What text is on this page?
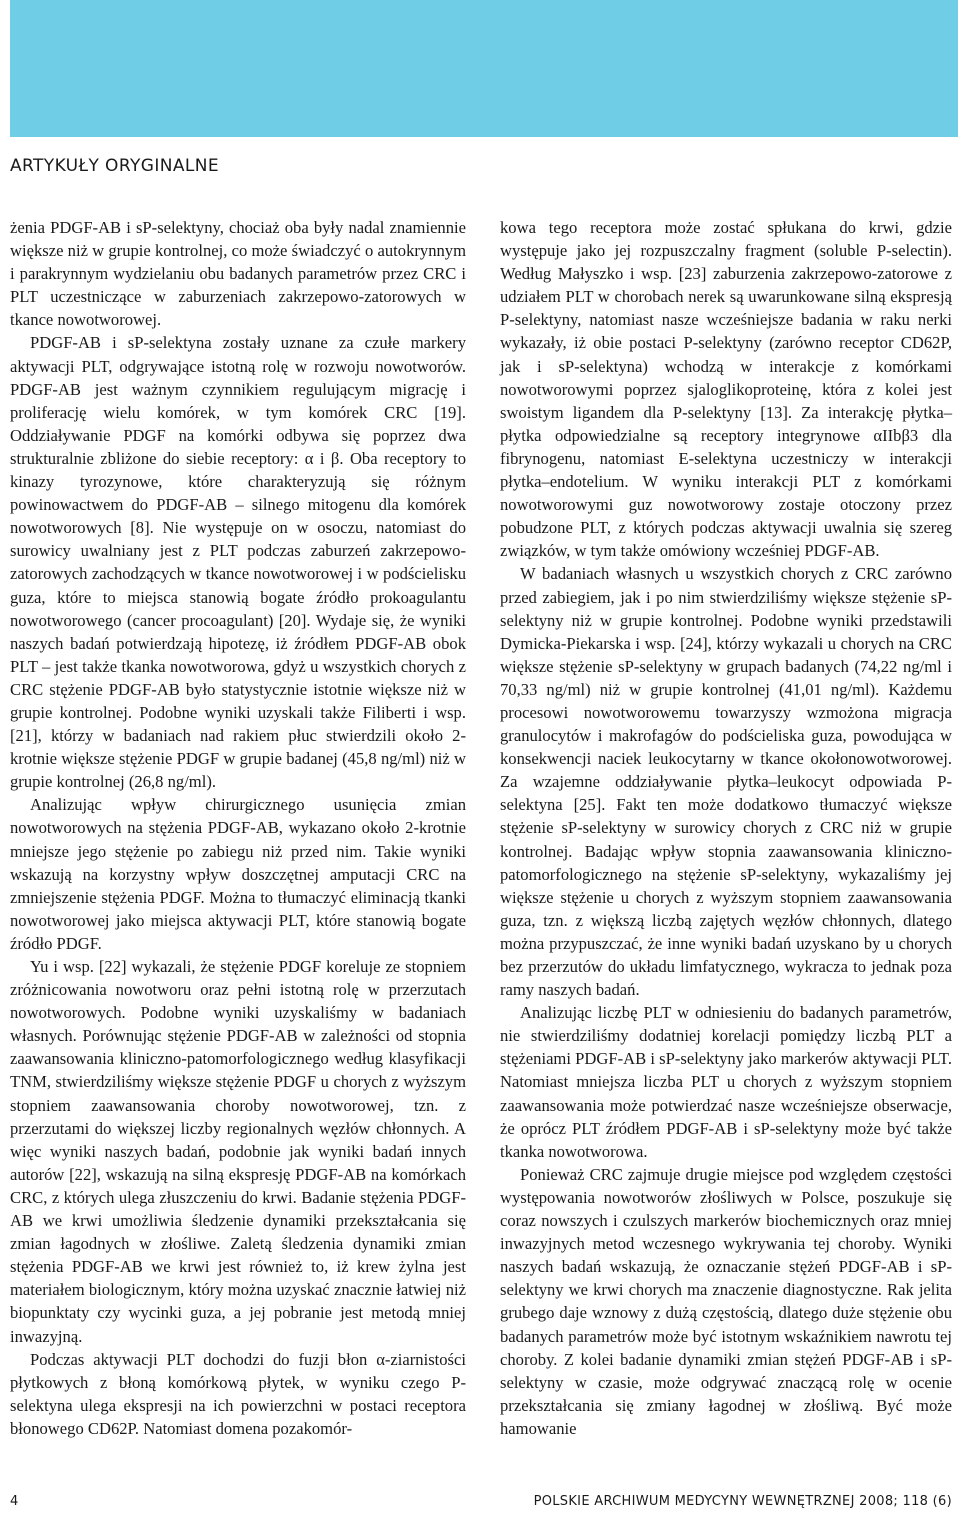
ARTYKUŁY ORYGINALNE

żenia PDGF-AB i sP-selektyny, chociaż oba były nadal znamiennie większe niż w grupie kontrolnej, co może świadczyć o autokrynnym i parakrynnym wydzielaniu obu badanych parametrów przez CRC i PLT uczestniczące w zaburzeniach zakrzepowo-zatorowych w tkance nowotworowej.

PDGF-AB i sP-selektyna zostały uznane za czułe markery aktywacji PLT, odgrywające istotną rolę w rozwoju nowotworów. PDGF-AB jest ważnym czynnikiem regulującym migrację i proliferację wielu komórek, w tym komórek CRC [19]. Oddziaływanie PDGF na komórki odbywa się poprzez dwa strukturalnie zbliżone do siebie receptory: α i β. Oba receptory to kinazy tyrozynowe, które charakteryzują się różnym powinowactwem do PDGF-AB – silnego mitogenu dla komórek nowotworowych [8]. Nie występuje on w osoczu, natomiast do surowicy uwalniany jest z PLT podczas zaburzeń zakrzepowo-zatorowych zachodzących w tkance nowotworowej i w podścielisku guza, które to miejsca stanowią bogate źródło prokoagulantu nowotworowego (cancer procoagulant) [20]. Wydaje się, że wyniki naszych badań potwierdzają hipotezę, iż źródłem PDGF-AB obok PLT – jest także tkanka nowotworowa, gdyż u wszystkich chorych z CRC stężenie PDGF-AB było statystycznie istotnie większe niż w grupie kontrolnej. Podobne wyniki uzyskali także Filiberti i wsp. [21], którzy w badaniach nad rakiem płuc stwierdzili około 2-krotnie większe stężenie PDGF w grupie badanej (45,8 ng/ml) niż w grupie kontrolnej (26,8 ng/ml).

Analizując wpływ chirurgicznego usunięcia zmian nowotworowych na stężenia PDGF-AB, wykazano około 2-krotnie mniejsze jego stężenie po zabiegu niż przed nim. Takie wyniki wskazują na korzystny wpływ doszczętnej amputacji CRC na zmniejszenie stężenia PDGF. Można to tłumaczyć eliminacją tkanki nowotworowej jako miejsca aktywacji PLT, które stanowią bogate źródło PDGF.

Yu i wsp. [22] wykazali, że stężenie PDGF koreluje ze stopniem zróżnicowania nowotworu oraz pełni istotną rolę w przerzutach nowotworowych. Podobne wyniki uzyskaliśmy w badaniach własnych. Porównując stężenie PDGF-AB w zależności od stopnia zaawansowania kliniczno-patomorfologicznego według klasyfikacji TNM, stwierdziliśmy większe stężenie PDGF u chorych z wyższym stopniem zaawansowania choroby nowotworowej, tzn. z przerzutami do większej liczby regionalnych węzłów chłonnych. A więc wyniki naszych badań, podobnie jak wyniki badań innych autorów [22], wskazują na silną ekspresję PDGF-AB na komórkach CRC, z których ulega złuszczeniu do krwi. Badanie stężenia PDGF-AB we krwi umożliwia śledzenie dynamiki przekształcania się zmian łagodnych w złośliwe. Zaletą śledzenia dynamiki zmian stężenia PDGF-AB we krwi jest również to, iż krew żylna jest materiałem biologicznym, który można uzyskać znacznie łatwiej niż biopunktaty czy wycinki guza, a jej pobranie jest metodą mniej inwazyjną.

Podczas aktywacji PLT dochodzi do fuzji błon α-ziarnistości płytkowych z błoną komórkową płytek, w wyniku czego P-selektyna ulega ekspresji na ich powierzchni w postaci receptora błonowego CD62P. Natomiast domena pozakomór-

kowa tego receptora może zostać spłukana do krwi, gdzie występuje jako jej rozpuszczalny fragment (soluble P-selectin). Według Małyszko i wsp. [23] zaburzenia zakrzepowo-zatorowe z udziałem PLT w chorobach nerek są uwarunkowane silną ekspresją P-selektyny, natomiast nasze wcześniejsze badania w raku nerki wykazały, iż obie postaci P-selektyny (zarówno receptor CD62P, jak i sP-selektyna) wchodzą w interakcje z komórkami nowotworowymi poprzez sjaloglikoproteinę, która z kolei jest swoistym ligandem dla P-selektyny [13]. Za interakcję płytka–płytka odpowiedzialne są receptory integrynowe αIIbβ3 dla fibrynogenu, natomiast E-selektyna uczestniczy w interakcji płytka–endotelium. W wyniku interakcji PLT z komórkami nowotworowymi guz nowotworowy zostaje otoczony przez pobudzone PLT, z których podczas aktywacji uwalnia się szereg związków, w tym także omówiony wcześniej PDGF-AB.

W badaniach własnych u wszystkich chorych z CRC zarówno przed zabiegiem, jak i po nim stwierdziliśmy większe stężenie sP-selektyny niż w grupie kontrolnej. Podobne wyniki przedstawili Dymicka-Piekarska i wsp. [24], którzy wykazali u chorych na CRC większe stężenie sP-selektyny w grupach badanych (74,22 ng/ml i 70,33 ng/ml) niż w grupie kontrolnej (41,01 ng/ml). Każdemu procesowi nowotworowemu towarzyszy wzmożona migracja granulocytów i makrofagów do podścieliska guza, powodująca w konsekwencji naciek leukocytarny w tkance okołonowotworowej. Za wzajemne oddziaływanie płytka–leukocyt odpowiada P-selektyna [25]. Fakt ten może dodatkowo tłumaczyć większe stężenie sP-selektyny w surowicy chorych z CRC niż w grupie kontrolnej. Badając wpływ stopnia zaawansowania kliniczno-patomorfologicznego na stężenie sP-selektyny, wykazaliśmy jej większe stężenie u chorych z wyższym stopniem zaawansowania guza, tzn. z większą liczbą zajętych węzłów chłonnych, dlatego można przypuszczać, że inne wyniki badań uzyskano by u chorych bez przerzutów do układu limfatycznego, wykracza to jednak poza ramy naszych badań.

Analizując liczbę PLT w odniesieniu do badanych parametrów, nie stwierdziliśmy dodatniej korelacji pomiędzy liczbą PLT a stężeniami PDGF-AB i sP-selektyny jako markerów aktywacji PLT. Natomiast mniejsza liczba PLT u chorych z wyższym stopniem zaawansowania może potwierdzać nasze wcześniejsze obserwacje, że oprócz PLT źródłem PDGF-AB i sP-selektyny może być także tkanka nowotworowa.

Ponieważ CRC zajmuje drugie miejsce pod względem częstości występowania nowotworów złośliwych w Polsce, poszukuje się coraz nowszych i czulszych markerów biochemicznych oraz mniej inwazyjnych metod wczesnego wykrywania tej choroby. Wyniki naszych badań wskazują, że oznaczanie stężeń PDGF-AB i sP-selektyny we krwi chorych ma znaczenie diagnostyczne. Rak jelita grubego daje wznowy z dużą częstością, dlatego duże stężenie obu badanych parametrów może być istotnym wskaźnikiem nawrotu tej choroby. Z kolei badanie dynamiki zmian stężeń PDGF-AB i sP-selektyny w czasie, może odgrywać znaczącą rolę w ocenie przekształcania się zmiany łagodnej w złośliwą. Być może hamowanie

4	POLSKIE ARCHIWUM MEDYCYNY WEWNĘTRZNEJ 2008; 118 (6)
